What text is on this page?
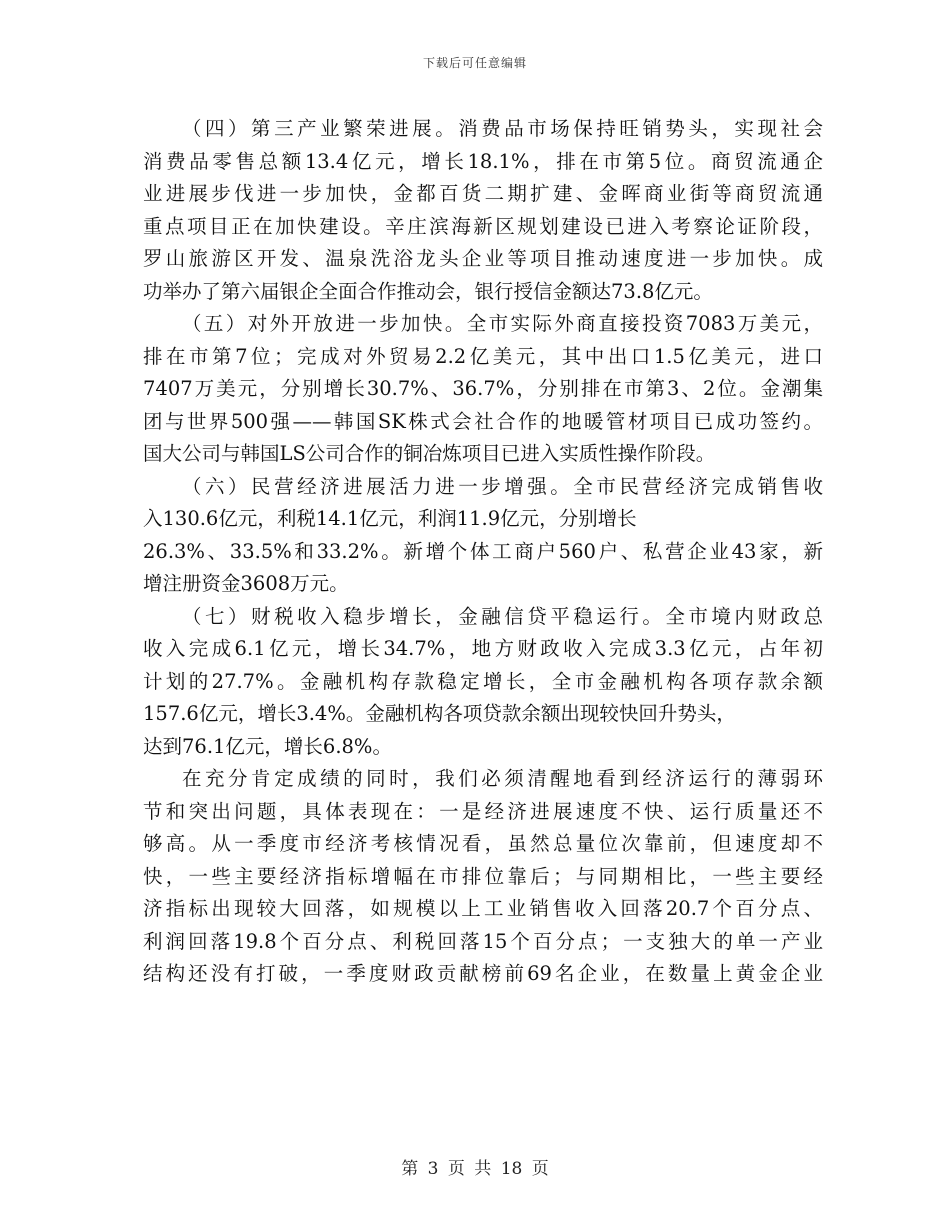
下载后可任意编辑
（四）第三产业繁荣进展。消费品市场保持旺销势头，实现社会
消费品零售总额13.4亿元，增长18.1%，排在市第5位。商贸流通企
业进展步伐进一步加快，金都百货二期扩建、金晖商业街等商贸流通
重点项目正在加快建设。辛庄滨海新区规划建设已进入考察论证阶段，
罗山旅游区开发、温泉洗浴龙头企业等项目推动速度进一步加快。成
功举办了第六届银企全面合作推动会，银行授信金额达73.8亿元。
（五）对外开放进一步加快。全市实际外商直接投资7083万美元，
排在市第7位；完成对外贸易2.2亿美元，其中出口1.5亿美元，进口
7407万美元，分别增长30.7%、36.7%，分别排在市第3、2位。金潮集
团与世界500强——韩国SK株式会社合作的地暖管材项目已成功签约。
国大公司与韩国LS公司合作的铜冶炼项目已进入实质性操作阶段。
（六）民营经济进展活力进一步增强。全市民营经济完成销售收
入130.6亿元，利税14.1亿元，利润11.9亿元，分别增长
26.3%、33.5%和33.2%。新增个体工商户560户、私营企业43家，新
增注册资金3608万元。
（七）财税收入稳步增长，金融信贷平稳运行。全市境内财政总
收入完成6.1亿元，增长34.7%，地方财政收入完成3.3亿元，占年初
计划的27.7%。金融机构存款稳定增长，全市金融机构各项存款余额
157.6亿元，增长3.4%。金融机构各项贷款余额出现较快回升势头，
达到76.1亿元，增长6.8%。
在充分肯定成绩的同时，我们必须清醒地看到经济运行的薄弱环
节和突出问题，具体表现在：一是经济进展速度不快、运行质量还不
够高。从一季度市经济考核情况看，虽然总量位次靠前，但速度却不
快，一些主要经济指标增幅在市排位靠后；与同期相比，一些主要经
济指标出现较大回落，如规模以上工业销售收入回落20.7个百分点、
利润回落19.8个百分点、利税回落15个百分点；一支独大的单一产业
结构还没有打破，一季度财政贡献榜前69名企业，在数量上黄金企业
第 3 页 共 18 页
